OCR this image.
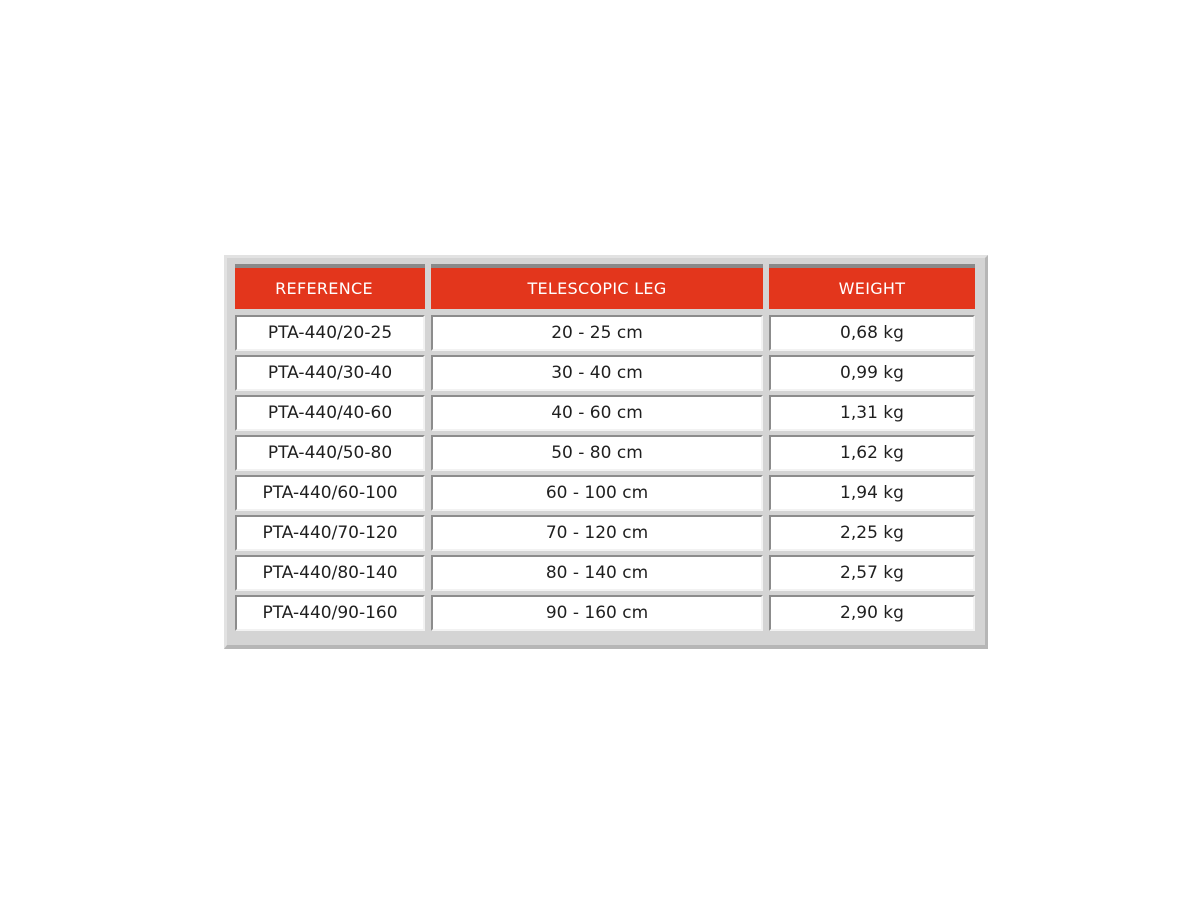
REFERENCE	TELESCOPIC LEG	WEIGHT
PTA-440/20-25	20 - 25 cm	0,68 kg
PTA-440/30-40	30 - 40 cm	0,99 kg
PTA-440/40-60	40 - 60 cm	1,31 kg
PTA-440/50-80	50 - 80 cm	1,62 kg
PTA-440/60-100	60 - 100 cm	1,94 kg
PTA-440/70-120	70 - 120 cm	2,25 kg
PTA-440/80-140	80 - 140 cm	2,57 kg
PTA-440/90-160	90 - 160 cm	2,90 kg
